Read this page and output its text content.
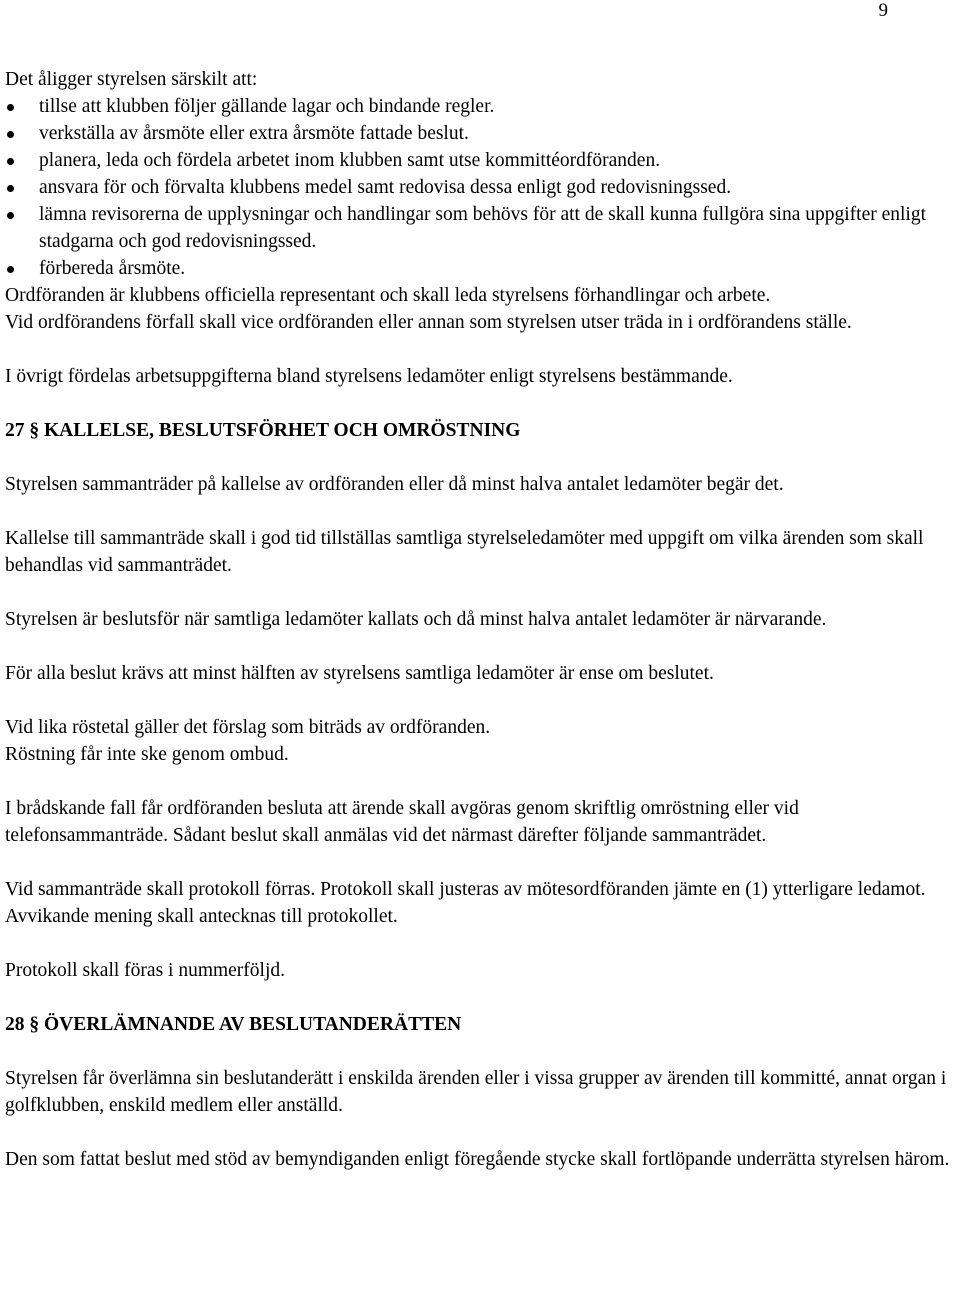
9

Det åligger styrelsen särskilt att:

tillse att klubben följer gällande lagar och bindande regler.
verkställa av årsmöte eller extra årsmöte fattade beslut.
planera, leda och fördela arbetet inom klubben samt utse kommittéordföranden.
ansvara för och förvalta klubbens medel samt redovisa dessa enligt god redovisningssed.
lämna revisorerna de upplysningar och handlingar som behövs för att de skall kunna fullgöra sina uppgifter enligt stadgarna och god redovisningssed.
förbereda årsmöte.

Ordföranden är klubbens officiella representant och skall leda styrelsens förhandlingar och arbete.

Vid ordförandens förfall skall vice ordföranden eller annan som styrelsen utser träda in i ordförandens ställe.

I övrigt fördelas arbetsuppgifterna bland styrelsens ledamöter enligt styrelsens bestämmande.

27 § KALLELSE, BESLUTSFÖRHET OCH OMRÖSTNING

Styrelsen sammanträder på kallelse av ordföranden eller då minst halva antalet ledamöter begär det.

Kallelse till sammanträde skall i god tid tillställas samtliga styrelseledamöter med uppgift om vilka ärenden som skall behandlas vid sammanträdet.

Styrelsen är beslutsför när samtliga ledamöter kallats och då minst halva antalet ledamöter är närvarande.

För alla beslut krävs att minst hälften av styrelsens samtliga ledamöter är ense om beslutet.

Vid lika röstetal gäller det förslag som biträds av ordföranden.

Röstning får inte ske genom ombud.

I brådskande fall får ordföranden besluta att ärende skall avgöras genom skriftlig omröstning eller vid telefonsammanträde. Sådant beslut skall anmälas vid det närmast därefter följande sammanträdet.

Vid sammanträde skall protokoll förras. Protokoll skall justeras av mötesordföranden jämte en (1) ytterligare ledamot.

Avvikande mening skall antecknas till protokollet.

Protokoll skall föras i nummerföljd.

28 § ÖVERLÄMNANDE AV BESLUTANDERÄTTEN

Styrelsen får överlämna sin beslutanderätt i enskilda ärenden eller i vissa grupper av ärenden till kommitté, annat organ i golfklubben, enskild medlem eller anställd.

Den som fattat beslut med stöd av bemyndiganden enligt föregående stycke skall fortlöpande underrätta styrelsen härom.
